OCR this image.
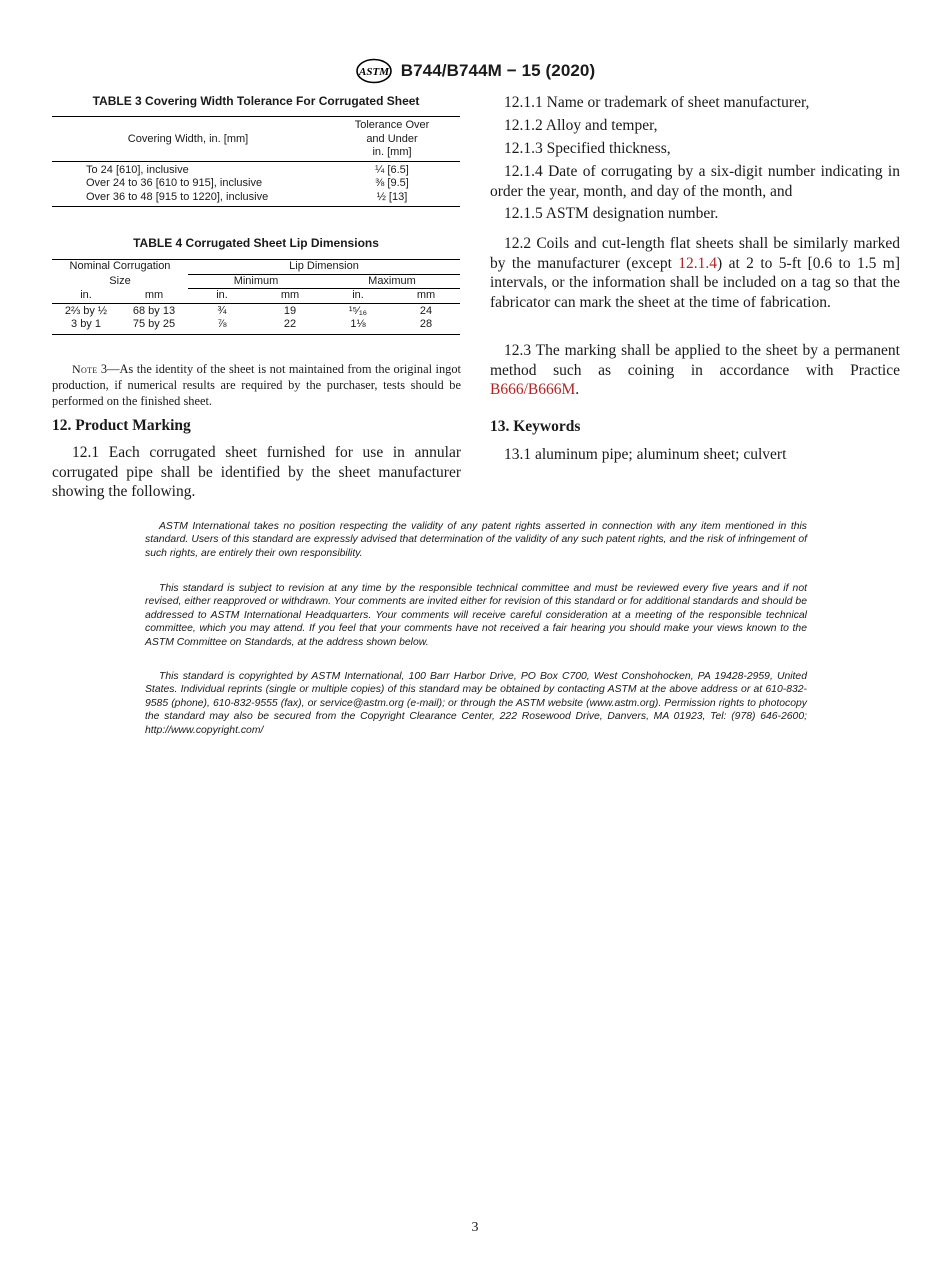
ASTM B744/B744M − 15 (2020)
TABLE 3 Covering Width Tolerance For Corrugated Sheet
Covering Width, in. [mm]	Tolerance Over
and Under
in. [mm]

To 24 [610], inclusive	¼ [6.5]
Over 24 to 36 [610 to 915], inclusive	⅜ [9.5]
Over 36 to 48 [915 to 1220], inclusive	½ [13]
TABLE 4 Corrugated Sheet Lip Dimensions
Nominal Corrugation		Lip Dimension			
Size		Minimum		Maximum	
in.	mm	in.	mm	in.	mm
2⅔ by ½	68 by 13	¾	19	¹⁵⁄₁₆	24
3 by 1	75 by 25	⅞	22	1⅛	28
Note 3—As the identity of the sheet is not maintained from the original ingot production, if numerical results are required by the purchaser, tests should be performed on the finished sheet.
12. Product Marking
12.1 Each corrugated sheet furnished for use in annular corrugated pipe shall be identified by the sheet manufacturer showing the following.
12.1.1 Name or trademark of sheet manufacturer,
12.1.2 Alloy and temper,
12.1.3 Specified thickness,
12.1.4 Date of corrugating by a six-digit number indicating in order the year, month, and day of the month, and
12.1.5 ASTM designation number.
12.2 Coils and cut-length flat sheets shall be similarly marked by the manufacturer (except 12.1.4) at 2 to 5-ft [0.6 to 1.5 m] intervals, or the information shall be included on a tag so that the fabricator can mark the sheet at the time of fabrication.
12.3 The marking shall be applied to the sheet by a permanent method such as coining in accordance with Practice B666/B666M.
13. Keywords
13.1 aluminum pipe; aluminum sheet; culvert
ASTM International takes no position respecting the validity of any patent rights asserted in connection with any item mentioned in this standard. Users of this standard are expressly advised that determination of the validity of any such patent rights, and the risk of infringement of such rights, are entirely their own responsibility.
This standard is subject to revision at any time by the responsible technical committee and must be reviewed every five years and if not revised, either reapproved or withdrawn. Your comments are invited either for revision of this standard or for additional standards and should be addressed to ASTM International Headquarters. Your comments will receive careful consideration at a meeting of the responsible technical committee, which you may attend. If you feel that your comments have not received a fair hearing you should make your views known to the ASTM Committee on Standards, at the address shown below.
This standard is copyrighted by ASTM International, 100 Barr Harbor Drive, PO Box C700, West Conshohocken, PA 19428-2959, United States. Individual reprints (single or multiple copies) of this standard may be obtained by contacting ASTM at the above address or at 610-832-9585 (phone), 610-832-9555 (fax), or service@astm.org (e-mail); or through the ASTM website (www.astm.org). Permission rights to photocopy the standard may also be secured from the Copyright Clearance Center, 222 Rosewood Drive, Danvers, MA 01923, Tel: (978) 646-2600; http://www.copyright.com/
3
